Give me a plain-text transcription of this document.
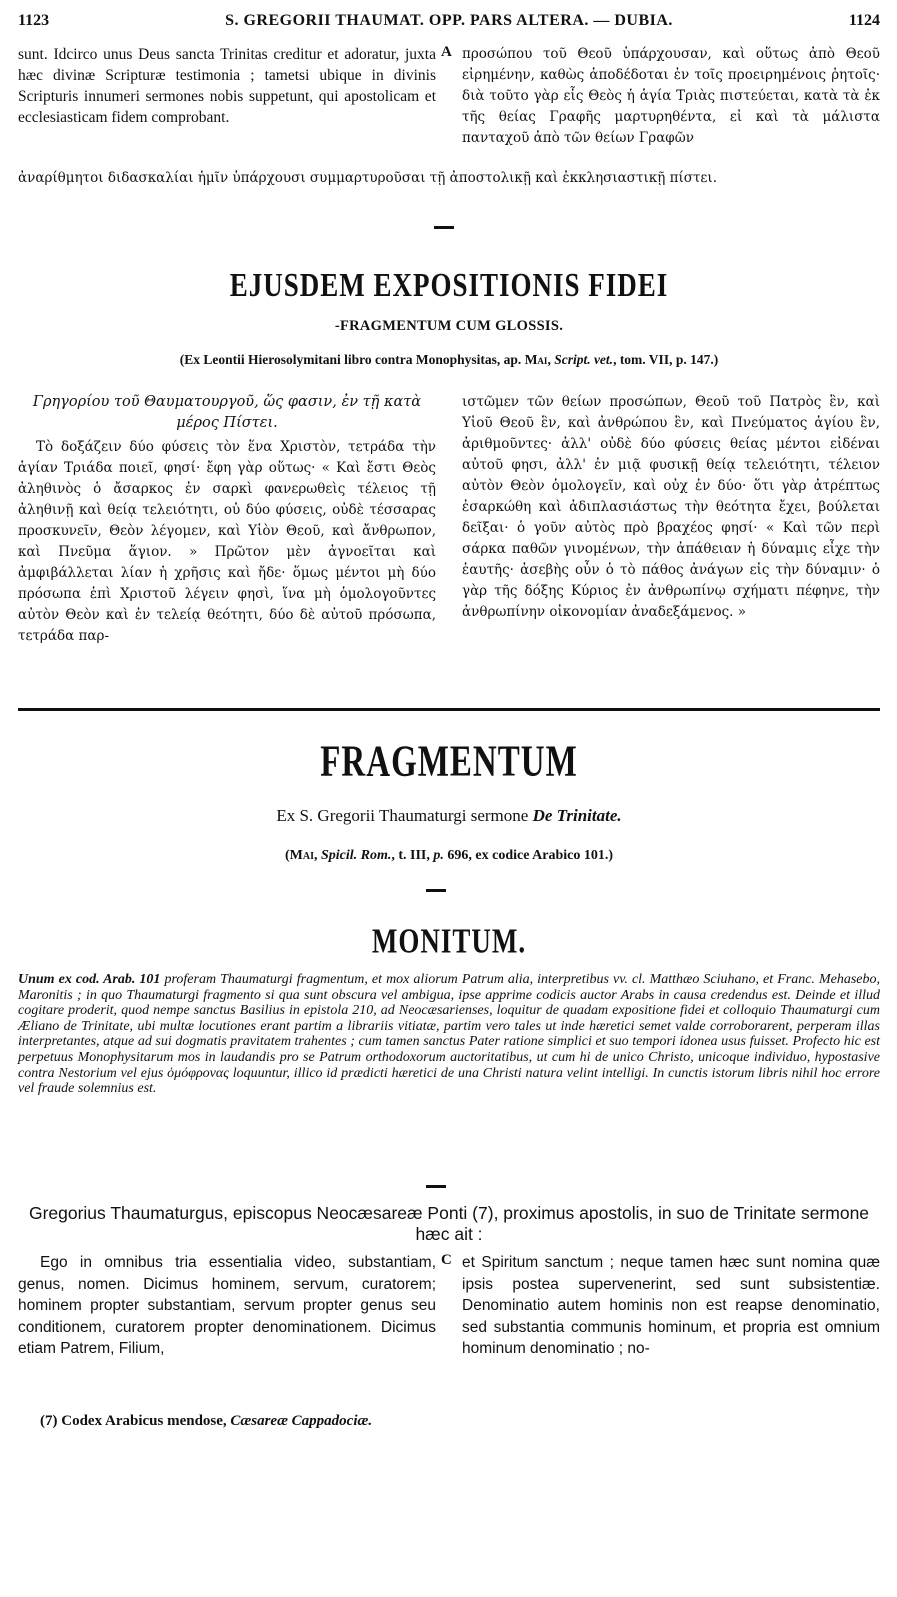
1123	S. GREGORII THAUMAT. OPP. PARS ALTERA. — DUBIA.	1124
sunt. Idcirco unus Deus sancta Trinitas creditur et adoratur, juxta hæc divinæ Scripturæ testimonia ; tametsi ubique in divinis Scripturis innumeri sermones nobis suppetunt, qui apostolicam et ecclesiasticam fidem comprobant.
A προσώπου τοῦ Θεοῦ ὑπάρχουσαν, καὶ οὕτως ἀπὸ Θεοῦ εἰρημένην, καθὼς ἀποδέδοται ἐν τοῖς προειρημένοις ῥητοῖς· διὰ τοῦτο γὰρ εἷς Θεὸς ἡ ἁγία Τριὰς πιστεύεται, κατὰ τὰ ἐκ τῆς θείας Γραφῆς μαρτυρηθέντα, εἰ καὶ τὰ μάλιστα πανταχοῦ ἀπὸ τῶν θείων Γραφῶν
ἀναρίθμητοι διδασκαλίαι ἡμῖν ὑπάρχουσι συμμαρτυροῦσαι τῇ ἀποστολικῇ καὶ ἐκκλησιαστικῇ πίστει.
EJUSDEM EXPOSITIONIS FIDEI
-FRAGMENTUM CUM GLOSSIS.
(Ex Leontii Hierosolymitani libro contra Monophysitas, ap. Mai, Script. vet., tom. VII, p. 147.)
Γρηγορίου τοῦ Θαυματουργοῦ, ὥς φασιν, ἐν τῇ κατὰ μέρος Πίστει.
Τὸ δοξάζειν δύο φύσεις τὸν ἕνα Χριστὸν, τετράδα τὴν ἁγίαν Τριάδα ποιεῖ, φησί· ἔφη γὰρ οὕτως· « Καὶ ἔστι Θεὸς ἀληθινὸς ὁ ἄσαρκος ἐν σαρκὶ φανερωθεὶς τέλειος τῇ ἀληθινῇ καὶ θείᾳ τελειότητι, οὐ δύο φύσεις, οὐδὲ τέσσαρας προσκυνεῖν, Θεὸν λέγομεν, καὶ Υἱὸν Θεοῦ, καὶ ἄνθρωπον, καὶ Πνεῦμα ἅγιον. » Πρῶτον μὲν ἀγνοεῖται καὶ ἀμφιβάλλεται λίαν ἡ χρῆσις καὶ ἤδε· ὅμως μέντοι μὴ δύο πρόσωπα ἐπὶ Χριστοῦ λέγειν φησὶ, ἵνα μὴ ὁμολογοῦντες αὐτὸν Θεὸν καὶ ἐν τελείᾳ θεότητι, δύο δὲ αὐτοῦ πρόσωπα, τετράδα παρ-
ιστῶμεν τῶν θείων προσώπων, Θεοῦ τοῦ Πατρὸς ἓν, καὶ Υἱοῦ Θεοῦ ἓν, καὶ ἀνθρώπου ἓν, καὶ Πνεύματος ἁγίου ἓν, ἀριθμοῦντες· ἀλλ' οὐδὲ δύο φύσεις θείας μέντοι εἰδέναι αὐτοῦ φησι, ἀλλ' ἐν μιᾷ φυσικῇ θείᾳ τελειότητι, τέλειον αὐτὸν Θεὸν ὁμολογεῖν, καὶ οὐχ ἐν δύο· ὅτι γὰρ ἀτρέπτως ἐσαρκώθη καὶ ἀδιπλασιάστως τὴν θεότητα ἔχει, βούλεται δεῖξαι· ὁ γοῦν αὐτὸς πρὸ βραχέος φησί· « Καὶ τῶν περὶ σάρκα παθῶν γινομένων, τὴν ἀπάθειαν ἡ δύναμις εἶχε τὴν ἑαυτῆς· ἀσεβὴς οὖν ὁ τὸ πάθος ἀνάγων εἰς τὴν δύναμιν· ὁ γὰρ τῆς δόξης Κύριος ἐν ἀνθρωπίνῳ σχήματι πέφηνε, τὴν ἀνθρωπίνην οἰκονομίαν ἀναδεξάμενος. »
FRAGMENTUM
Ex S. Gregorii Thaumaturgi sermone De Trinitate.
(Mai, Spicil. Rom., t. III, p. 696, ex codice Arabico 101.)
MONITUM.
Unum ex cod. Arab. 101 proferam Thaumaturgi fragmentum, et mox aliorum Patrum alia, interpretibus vv. cl. Matthæo Sciuhano, et Franc. Mehasebo, Maronitis ; in quo Thaumaturgi fragmento si qua sunt obscura vel ambigua, ipse apprime codicis auctor Arabs in causa credendus est. Deinde et illud cogitare proderit, quod nempe sanctus Basilius in epistola 210, ad Neocæsarienses, loquitur de quadam expositione fidei et colloquio Thaumaturgi cum Æliano de Trinitate, ubi multæ locutiones erant partim a librariis vitiatæ, partim vero tales ut inde hæretici semet valde corroborarent, perperam illas interpretantes, atque ad sui dogmatis pravitatem trahentes ; cum tamen sanctus Pater ratione simplici et suo tempori idonea usus fuisset. Profecto hic est perpetuus Monophysitarum mos in laudandis pro se Patrum orthodoxorum auctoritatibus, ut cum hi de unico Christo, unicoque individuo, hypostasive contra Nestorium vel ejus ὁμόφρονας loquuntur, illico id prædicti hæretici de una Christi natura velint intelligi. In cunctis istorum libris nihil hoc errore vel fraude solemnius est.
Gregorius Thaumaturgus, episcopus Neocæsareæ Ponti (7), proximus apostolis, in suo de Trinitate sermone hæc ait :
Ego in omnibus tria essentialia video, substantiam, genus, nomen. Dicimus hominem, servum, curatorem; hominem propter substantiam, servum propter genus seu conditionem, curatorem propter denominationem. Dicimus etiam Patrem, Filium,
C et Spiritum sanctum ; neque tamen hæc sunt nomina quæ ipsis postea supervenerint, sed sunt subsistentiæ. Denominatio autem hominis non est reapse denominatio, sed substantia communis hominum, et propria est omnium hominum denominatio ; no-
(7) Codex Arabicus mendose, Cæsareæ Cappadociæ.
